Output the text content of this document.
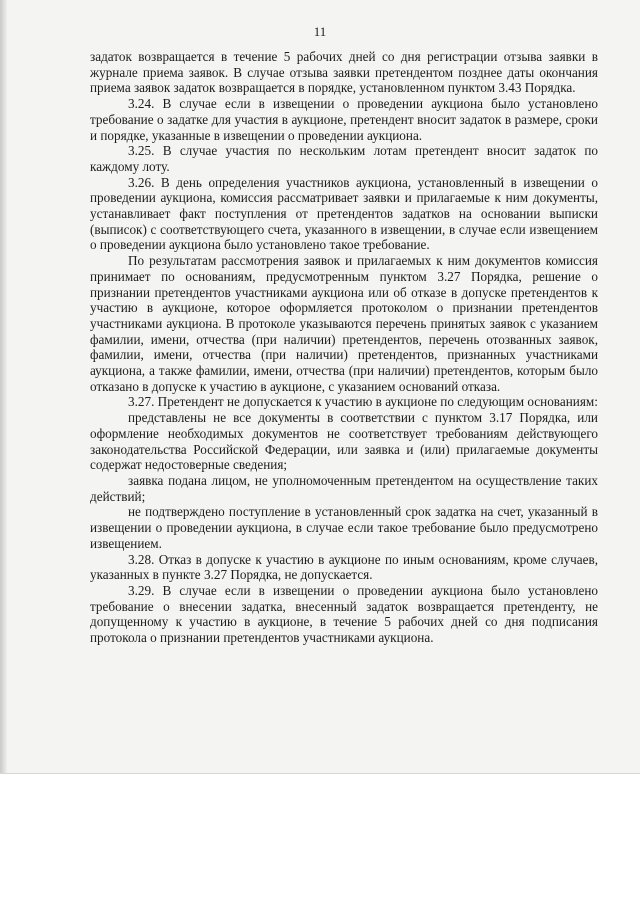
11

задаток возвращается в течение 5 рабочих дней со дня регистрации отзыва заявки в журнале приема заявок. В случае отзыва заявки претендентом позднее даты окончания приема заявок задаток возвращается в порядке, установленном пунктом 3.43 Порядка.

3.24. В случае если в извещении о проведении аукциона было установлено требование о задатке для участия в аукционе, претендент вносит задаток в размере, сроки и порядке, указанные в извещении о проведении аукциона.

3.25. В случае участия по нескольким лотам претендент вносит задаток по каждому лоту.

3.26. В день определения участников аукциона, установленный в извещении о проведении аукциона, комиссия рассматривает заявки и прилагаемые к ним документы, устанавливает факт поступления от претендентов задатков на основании выписки (выписок) с соответствующего счета, указанного в извещении, в случае если извещением о проведении аукциона было установлено такое требование.

По результатам рассмотрения заявок и прилагаемых к ним документов комиссия принимает по основаниям, предусмотренным пунктом 3.27 Порядка, решение о признании претендентов участниками аукциона или об отказе в допуске претендентов к участию в аукционе, которое оформляется протоколом о признании претендентов участниками аукциона. В протоколе указываются перечень принятых заявок с указанием фамилии, имени, отчества (при наличии) претендентов, перечень отозванных заявок, фамилии, имени, отчества (при наличии) претендентов, признанных участниками аукциона, а также фамилии, имени, отчества (при наличии) претендентов, которым было отказано в допуске к участию в аукционе, с указанием оснований отказа.

3.27. Претендент не допускается к участию в аукционе по следующим основаниям:

представлены не все документы в соответствии с пунктом 3.17 Порядка, или оформление необходимых документов не соответствует требованиям действующего законодательства Российской Федерации, или заявка и (или) прилагаемые документы содержат недостоверные сведения;

заявка подана лицом, не уполномоченным претендентом на осуществление таких действий;

не подтверждено поступление в установленный срок задатка на счет, указанный в извещении о проведении аукциона, в случае если такое требование было предусмотрено извещением.

3.28. Отказ в допуске к участию в аукционе по иным основаниям, кроме случаев, указанных в пункте 3.27 Порядка, не допускается.

3.29. В случае если в извещении о проведении аукциона было установлено требование о внесении задатка, внесенный задаток возвращается претенденту, не допущенному к участию в аукционе, в течение 5 рабочих дней со дня подписания протокола о признании претендентов участниками аукциона.
